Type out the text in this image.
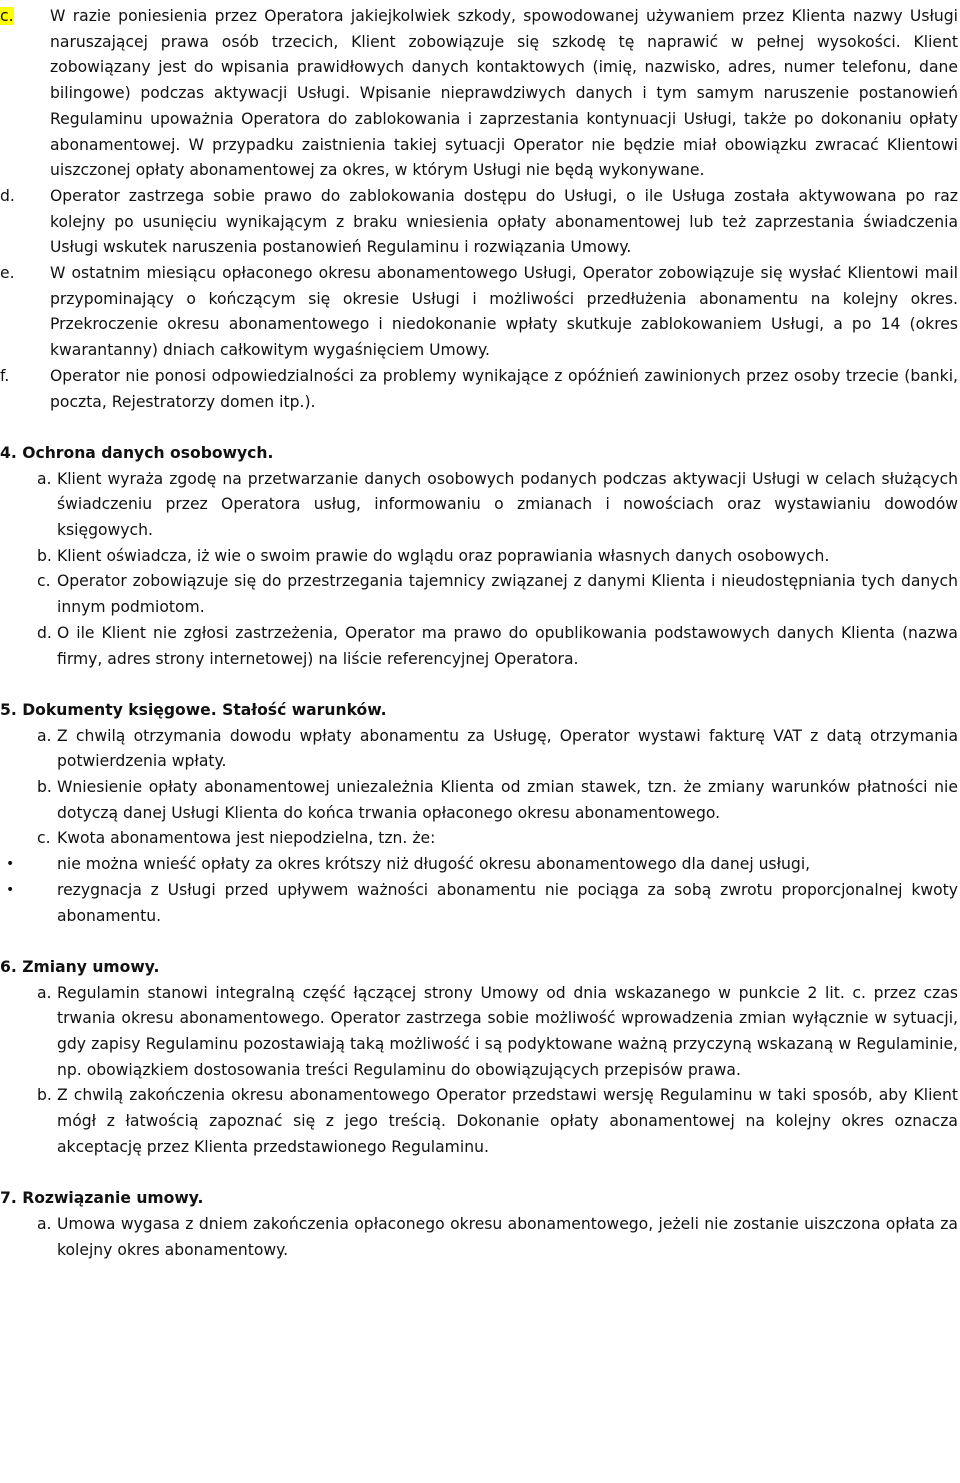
c.	W razie poniesienia przez Operatora jakiejkolwiek szkody, spowodowanej używaniem przez Klienta nazwy Usługi naruszającej prawa osób trzecich, Klient zobowiązuje się szkodę tę naprawić w pełnej wysokości. Klient zobowiązany jest do wpisania prawidłowych danych kontaktowych (imię, nazwisko, adres, numer telefonu, dane bilingowe) podczas aktywacji Usługi. Wpisanie nieprawdziwych danych i tym samym naruszenie postanowień Regulaminu upoważnia Operatora do zablokowania i zaprzestania kontynuacji Usługi, także po dokonaniu opłaty abonamentowej. W przypadku zaistnienia takiej sytuacji Operator nie będzie miał obowiązku zwracać Klientowi uiszczonej opłaty abonamentowej za okres, w którym Usługi nie będą wykonywane.
d.	Operator zastrzega sobie prawo do zablokowania dostępu do Usługi, o ile Usługa została aktywowana po raz kolejny po usunięciu wynikającym z braku wniesienia opłaty abonamentowej lub też zaprzestania świadczenia Usługi wskutek naruszenia postanowień Regulaminu i rozwiązania Umowy.
e.	W ostatnim miesiącu opłaconego okresu abonamentowego Usługi, Operator zobowiązuje się wysłać Klientowi mail przypominający o kończącym się okresie Usługi i możliwości przedłużenia abonamentu na kolejny okres. Przekroczenie okresu abonamentowego i niedokonanie wpłaty skutkuje zablokowaniem Usługi, a po 14 (okres kwarantanny) dniach całkowitym wygaśnięciem Umowy.
f.	Operator nie ponosi odpowiedzialności za problemy wynikające z opóźnień zawinionych przez osoby trzecie (banki, poczta, Rejestratorzy domen itp.).
4. Ochrona danych osobowych.
a. Klient wyraża zgodę na przetwarzanie danych osobowych podanych podczas aktywacji Usługi w celach służących świadczeniu przez Operatora usług, informowaniu o zmianach i nowościach oraz wystawianiu dowodów księgowych.
b. Klient oświadcza, iż wie o swoim prawie do wglądu oraz poprawiania własnych danych osobowych.
c. Operator zobowiązuje się do przestrzegania tajemnicy związanej z danymi Klienta i nieudostępniania tych danych innym podmiotom.
d. O ile Klient nie zgłosi zastrzeżenia, Operator ma prawo do opublikowania podstawowych danych Klienta (nazwa firmy, adres strony internetowej) na liście referencyjnej Operatora.
5. Dokumenty księgowe. Stałość warunków.
a. Z chwilą otrzymania dowodu wpłaty abonamentu za Usługę, Operator wystawi fakturę VAT z datą otrzymania potwierdzenia wpłaty.
b. Wniesienie opłaty abonamentowej uniezależnia Klienta od zmian stawek, tzn. że zmiany warunków płatności nie dotyczą danej Usługi Klienta do końca trwania opłaconego okresu abonamentowego.
c. Kwota abonamentowa jest niepodzielna, tzn. że:
•	nie można wnieść opłaty za okres krótszy niż długość okresu abonamentowego dla danej usługi,
•	rezygnacja z Usługi przed upływem ważności abonamentu nie pociąga za sobą zwrotu proporcjonalnej kwoty abonamentu.
6. Zmiany umowy.
a. Regulamin stanowi integralną część łączącej strony Umowy od dnia wskazanego w punkcie 2 lit. c. przez czas trwania okresu abonamentowego. Operator zastrzega sobie możliwość wprowadzenia zmian wyłącznie w sytuacji, gdy zapisy Regulaminu pozostawiają taką możliwość i są podyktowane ważną przyczyną wskazaną w Regulaminie, np. obowiązkiem dostosowania treści Regulaminu do obowiązujących przepisów prawa.
b. Z chwilą zakończenia okresu abonamentowego Operator przedstawi wersję Regulaminu w taki sposób, aby Klient mógł z łatwością zapoznać się z jego treścią. Dokonanie opłaty abonamentowej na kolejny okres oznacza akceptację przez Klienta przedstawionego Regulaminu.
7. Rozwiązanie umowy.
a. Umowa wygasa z dniem zakończenia opłaconego okresu abonamentowego, jeżeli nie zostanie uiszczona opłata za kolejny okres abonamentowy.
